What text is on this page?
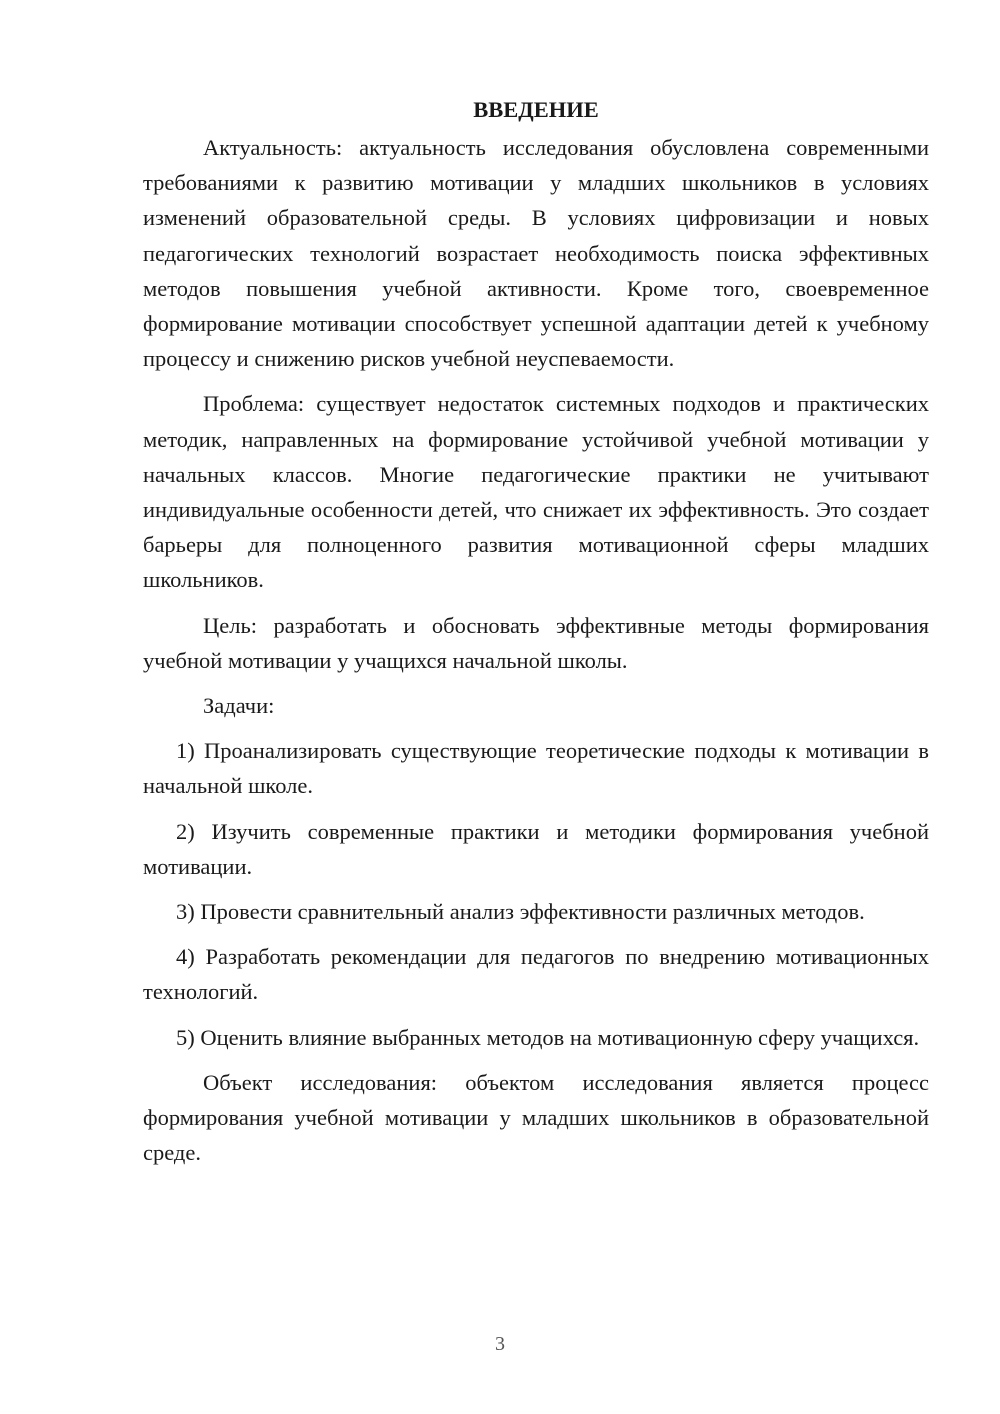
ВВЕДЕНИЕ

Актуальность: актуальность исследования обусловлена современными требованиями к развитию мотивации у младших школьников в условиях изменений образовательной среды. В условиях цифровизации и новых педагогических технологий возрастает необходимость поиска эффективных методов повышения учебной активности. Кроме того, своевременное формирование мотивации способствует успешной адаптации детей к учебному процессу и снижению рисков учебной неуспеваемости.

Проблема: существует недостаток системных подходов и практических методик, направленных на формирование устойчивой учебной мотивации у начальных классов. Многие педагогические практики не учитывают индивидуальные особенности детей, что снижает их эффективность. Это создает барьеры для полноценного развития мотивационной сферы младших школьников.

Цель: разработать и обосновать эффективные методы формирования учебной мотивации у учащихся начальной школы.

Задачи:

1) Проанализировать существующие теоретические подходы к мотивации в начальной школе.

2) Изучить современные практики и методики формирования учебной мотивации.

3) Провести сравнительный анализ эффективности различных методов.

4) Разработать рекомендации для педагогов по внедрению мотивационных технологий.

5) Оценить влияние выбранных методов на мотивационную сферу учащихся.

Объект исследования: объектом исследования является процесс формирования учебной мотивации у младших школьников в образовательной среде.

3
